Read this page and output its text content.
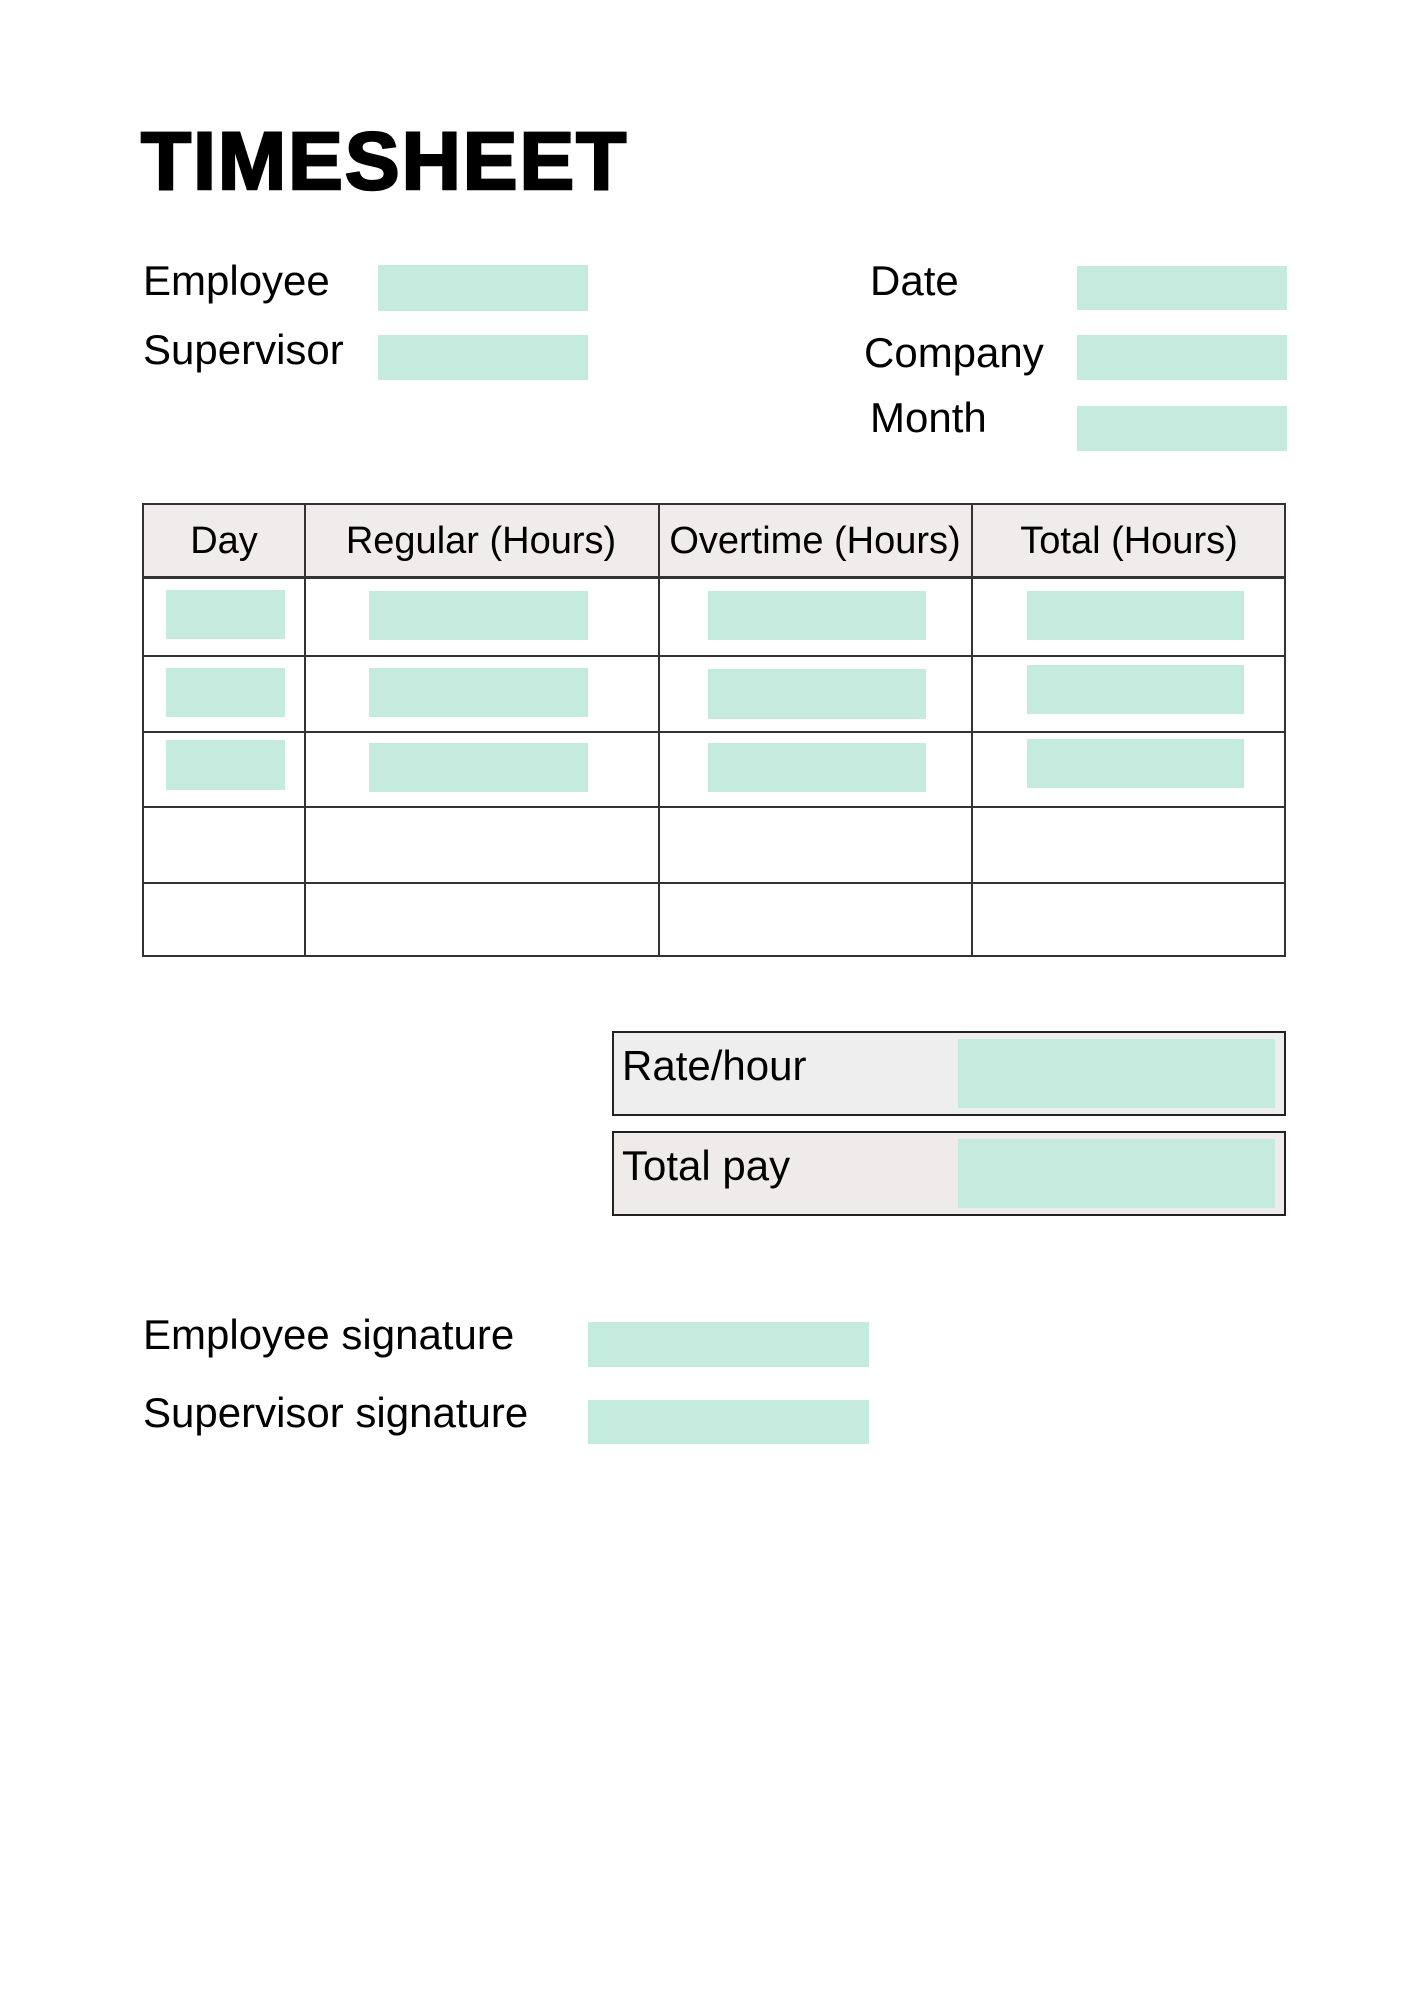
TIMESHEET
Employee
Supervisor
Date
Company
Month
Day	Regular (Hours)	Overtime (Hours)	Total (Hours)
Rate/hour
Total pay
Employee signature
Supervisor signature
